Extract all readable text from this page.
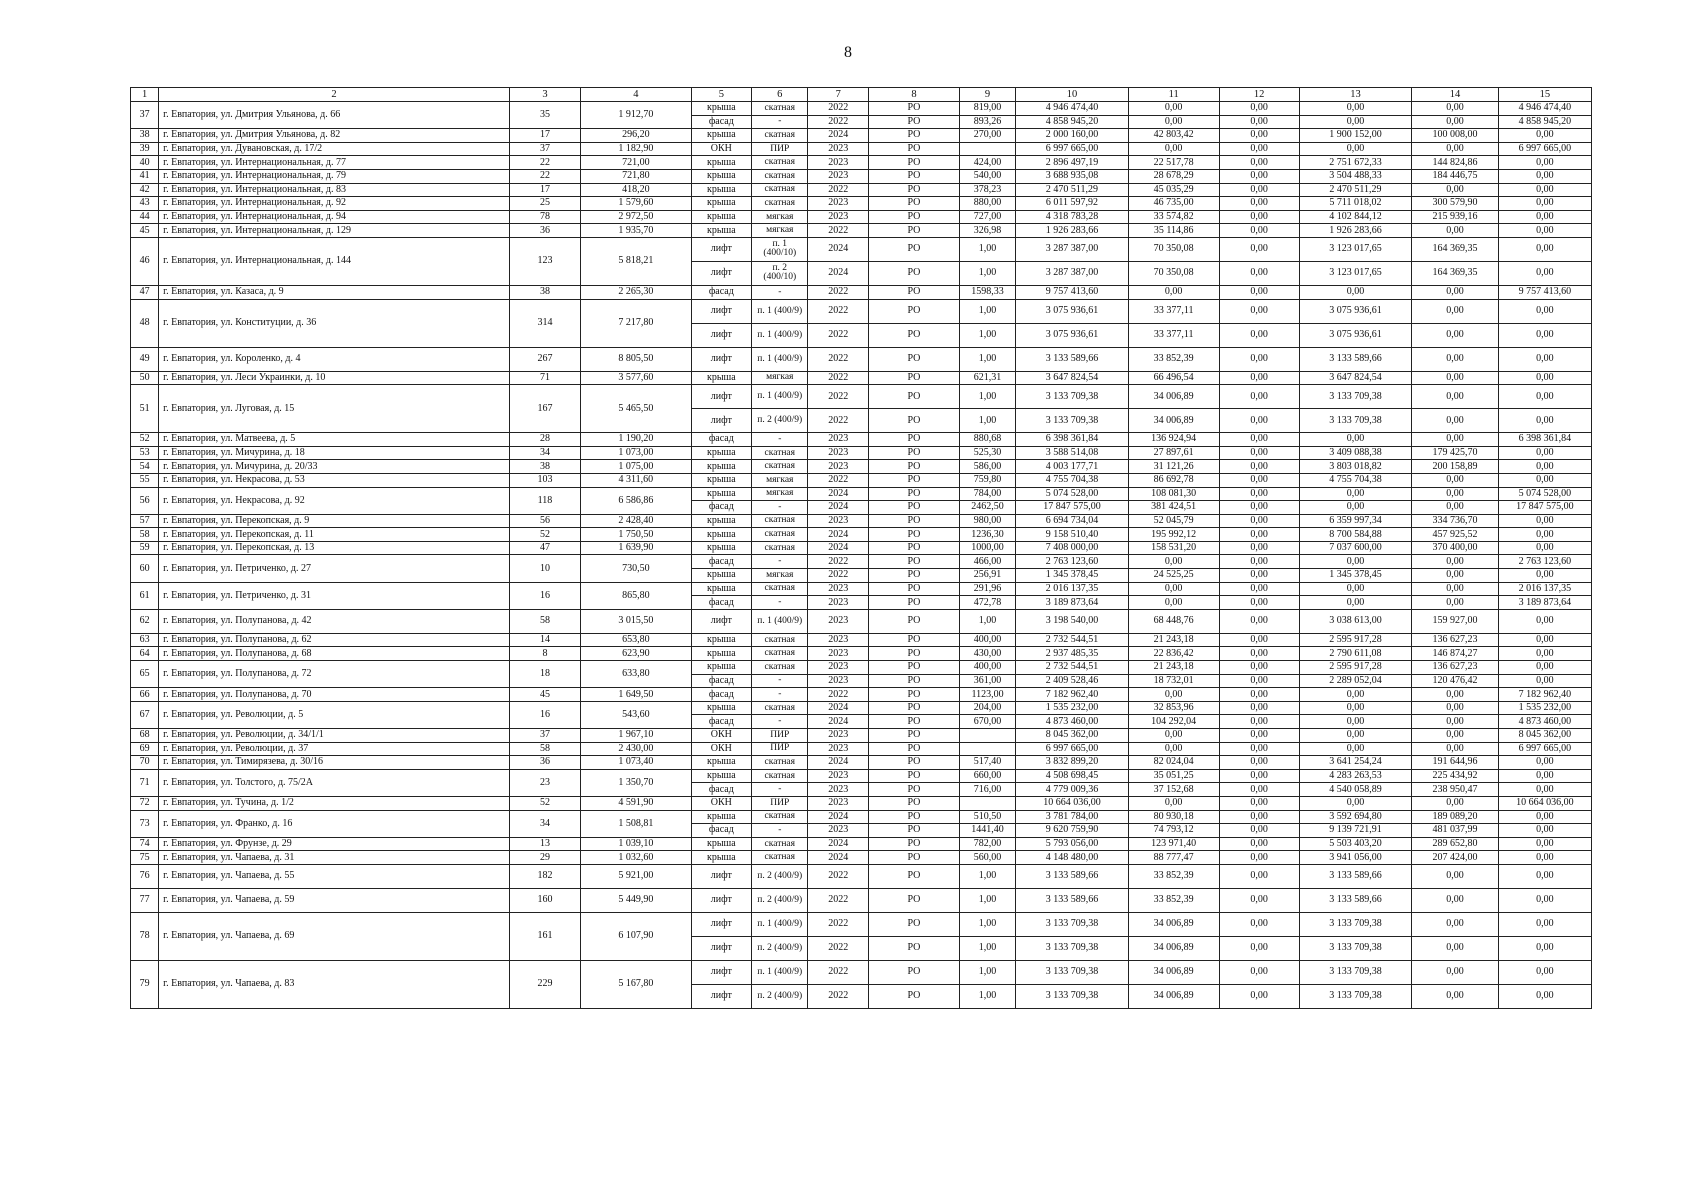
8
1	2	3	4	5	6	7	8	9	10	11	12	13	14	15
37	г. Евпатория, ул. Дмитрия Ульянова, д. 66	35	1 912,70	крыша	скатная	2022	РО	819,00	4 946 474,40	0,00	0,00	0,00	0,00	4 946 474,40
				фасад	-	2022	РО	893,26	4 858 945,20	0,00	0,00	0,00	0,00	4 858 945,20
38	г. Евпатория, ул. Дмитрия Ульянова, д. 82	17	296,20	крыша	скатная	2024	РО	270,00	2 000 160,00	42 803,42	0,00	1 900 152,00	100 008,00	0,00
39	г. Евпатория, ул. Дувановская, д. 17/2	37	1 182,90	ОКН	ПИР	2023	РО		6 997 665,00	0,00	0,00	0,00	0,00	6 997 665,00
40	г. Евпатория, ул. Интернациональная, д. 77	22	721,00	крыша	скатная	2023	РО	424,00	2 896 497,19	22 517,78	0,00	2 751 672,33	144 824,86	0,00
41	г. Евпатория, ул. Интернациональная, д. 79	22	721,80	крыша	скатная	2023	РО	540,00	3 688 935,08	28 678,29	0,00	3 504 488,33	184 446,75	0,00
42	г. Евпатория, ул. Интернациональная, д. 83	17	418,20	крыша	скатная	2022	РО	378,23	2 470 511,29	45 035,29	0,00	2 470 511,29	0,00	0,00
43	г. Евпатория, ул. Интернациональная, д. 92	25	1 579,60	крыша	скатная	2023	РО	880,00	6 011 597,92	46 735,00	0,00	5 711 018,02	300 579,90	0,00
44	г. Евпатория, ул. Интернациональная, д. 94	78	2 972,50	крыша	мягкая	2023	РО	727,00	4 318 783,28	33 574,82	0,00	4 102 844,12	215 939,16	0,00
45	г. Евпатория, ул. Интернациональная, д. 129	36	1 935,70	крыша	мягкая	2022	РО	326,98	1 926 283,66	35 114,86	0,00	1 926 283,66	0,00	0,00
46	г. Евпатория, ул. Интернациональная, д. 144	123	5 818,21	лифт	п. 1 (400/10)	2024	РО	1,00	3 287 387,00	70 350,08	0,00	3 123 017,65	164 369,35	0,00
				лифт	п. 2 (400/10)	2024	РО	1,00	3 287 387,00	70 350,08	0,00	3 123 017,65	164 369,35	0,00
47	г. Евпатория, ул. Казаса, д. 9	38	2 265,30	фасад	-	2022	РО	1598,33	9 757 413,60	0,00	0,00	0,00	0,00	9 757 413,60
48	г. Евпатория, ул. Конституции, д. 36	314	7 217,80	лифт	п. 1 (400/9)	2022	РО	1,00	3 075 936,61	33 377,11	0,00	3 075 936,61	0,00	0,00
				лифт	п. 1 (400/9)	2022	РО	1,00	3 075 936,61	33 377,11	0,00	3 075 936,61	0,00	0,00
49	г. Евпатория, ул. Короленко, д. 4	267	8 805,50	лифт	п. 1 (400/9)	2022	РО	1,00	3 133 589,66	33 852,39	0,00	3 133 589,66	0,00	0,00
50	г. Евпатория, ул. Леси Украинки, д. 10	71	3 577,60	крыша	мягкая	2022	РО	621,31	3 647 824,54	66 496,54	0,00	3 647 824,54	0,00	0,00
51	г. Евпатория, ул. Луговая, д. 15	167	5 465,50	лифт	п. 1 (400/9)	2022	РО	1,00	3 133 709,38	34 006,89	0,00	3 133 709,38	0,00	0,00
				лифт	п. 2 (400/9)	2022	РО	1,00	3 133 709,38	34 006,89	0,00	3 133 709,38	0,00	0,00
52	г. Евпатория, ул. Матвеева, д. 5	28	1 190,20	фасад	-	2023	РО	880,68	6 398 361,84	136 924,94	0,00	0,00	0,00	6 398 361,84
53	г. Евпатория, ул. Мичурина, д. 18	34	1 073,00	крыша	скатная	2023	РО	525,30	3 588 514,08	27 897,61	0,00	3 409 088,38	179 425,70	0,00
54	г. Евпатория, ул. Мичурина, д. 20/33	38	1 075,00	крыша	скатная	2023	РО	586,00	4 003 177,71	31 121,26	0,00	3 803 018,82	200 158,89	0,00
55	г. Евпатория, ул. Некрасова, д. 53	103	4 311,60	крыша	мягкая	2022	РО	759,80	4 755 704,38	86 692,78	0,00	4 755 704,38	0,00	0,00
56	г. Евпатория, ул. Некрасова, д. 92	118	6 586,86	крыша	мягкая	2024	РО	784,00	5 074 528,00	108 081,30	0,00	0,00	0,00	5 074 528,00
				фасад	-	2024	РО	2462,50	17 847 575,00	381 424,51	0,00	0,00	0,00	17 847 575,00
57	г. Евпатория, ул. Перекопская, д. 9	56	2 428,40	крыша	скатная	2023	РО	980,00	6 694 734,04	52 045,79	0,00	6 359 997,34	334 736,70	0,00
58	г. Евпатория, ул. Перекопская, д. 11	52	1 750,50	крыша	скатная	2024	РО	1236,30	9 158 510,40	195 992,12	0,00	8 700 584,88	457 925,52	0,00
59	г. Евпатория, ул. Перекопская, д. 13	47	1 639,90	крыша	скатная	2024	РО	1000,00	7 408 000,00	158 531,20	0,00	7 037 600,00	370 400,00	0,00
60	г. Евпатория, ул. Петриченко, д. 27	10	730,50	фасад	-	2022	РО	466,00	2 763 123,60	0,00	0,00	0,00	0,00	2 763 123,60
				крыша	мягкая	2022	РО	256,91	1 345 378,45	24 525,25	0,00	1 345 378,45	0,00	0,00
61	г. Евпатория, ул. Петриченко, д. 31	16	865,80	крыша	скатная	2023	РО	291,96	2 016 137,35	0,00	0,00	0,00	0,00	2 016 137,35
				фасад	-	2023	РО	472,78	3 189 873,64	0,00	0,00	0,00	0,00	3 189 873,64
62	г. Евпатория, ул. Полупанова, д. 42	58	3 015,50	лифт	п. 1 (400/9)	2023	РО	1,00	3 198 540,00	68 448,76	0,00	3 038 613,00	159 927,00	0,00
63	г. Евпатория, ул. Полупанова, д. 62	14	653,80	крыша	скатная	2023	РО	400,00	2 732 544,51	21 243,18	0,00	2 595 917,28	136 627,23	0,00
64	г. Евпатория, ул. Полупанова, д. 68	8	623,90	крыша	скатная	2023	РО	430,00	2 937 485,35	22 836,42	0,00	2 790 611,08	146 874,27	0,00
65	г. Евпатория, ул. Полупанова, д. 72	18	633,80	крыша	скатная	2023	РО	400,00	2 732 544,51	21 243,18	0,00	2 595 917,28	136 627,23	0,00
				фасад	-	2023	РО	361,00	2 409 528,46	18 732,01	0,00	2 289 052,04	120 476,42	0,00
66	г. Евпатория, ул. Полупанова, д. 70	45	1 649,50	фасад	-	2022	РО	1123,00	7 182 962,40	0,00	0,00	0,00	0,00	7 182 962,40
67	г. Евпатория, ул. Революции, д. 5	16	543,60	крыша	скатная	2024	РО	204,00	1 535 232,00	32 853,96	0,00	0,00	0,00	1 535 232,00
				фасад	-	2024	РО	670,00	4 873 460,00	104 292,04	0,00	0,00	0,00	4 873 460,00
68	г. Евпатория, ул. Революции, д. 34/1/1	37	1 967,10	ОКН	ПИР	2023	РО		8 045 362,00	0,00	0,00	0,00	0,00	8 045 362,00
69	г. Евпатория, ул. Революции, д. 37	58	2 430,00	ОКН	ПИР	2023	РО		6 997 665,00	0,00	0,00	0,00	0,00	6 997 665,00
70	г. Евпатория, ул. Тимирязева, д. 30/16	36	1 073,40	крыша	скатная	2024	РО	517,40	3 832 899,20	82 024,04	0,00	3 641 254,24	191 644,96	0,00
71	г. Евпатория, ул. Толстого, д. 75/2А	23	1 350,70	крыша	скатная	2023	РО	660,00	4 508 698,45	35 051,25	0,00	4 283 263,53	225 434,92	0,00
				фасад	-	2023	РО	716,00	4 779 009,36	37 152,68	0,00	4 540 058,89	238 950,47	0,00
72	г. Евпатория, ул. Тучина, д. 1/2	52	4 591,90	ОКН	ПИР	2023	РО		10 664 036,00	0,00	0,00	0,00	0,00	10 664 036,00
73	г. Евпатория, ул. Франко, д. 16	34	1 508,81	крыша	скатная	2024	РО	510,50	3 781 784,00	80 930,18	0,00	3 592 694,80	189 089,20	0,00
				фасад	-	2023	РО	1441,40	9 620 759,90	74 793,12	0,00	9 139 721,91	481 037,99	0,00
74	г. Евпатория, ул. Фрунзе, д. 29	13	1 039,10	крыша	скатная	2024	РО	782,00	5 793 056,00	123 971,40	0,00	5 503 403,20	289 652,80	0,00
75	г. Евпатория, ул. Чапаева, д. 31	29	1 032,60	крыша	скатная	2024	РО	560,00	4 148 480,00	88 777,47	0,00	3 941 056,00	207 424,00	0,00
76	г. Евпатория, ул. Чапаева, д. 55	182	5 921,00	лифт	п. 2 (400/9)	2022	РО	1,00	3 133 589,66	33 852,39	0,00	3 133 589,66	0,00	0,00
77	г. Евпатория, ул. Чапаева, д. 59	160	5 449,90	лифт	п. 2 (400/9)	2022	РО	1,00	3 133 589,66	33 852,39	0,00	3 133 589,66	0,00	0,00
78	г. Евпатория, ул. Чапаева, д. 69	161	6 107,90	лифт	п. 1 (400/9)	2022	РО	1,00	3 133 709,38	34 006,89	0,00	3 133 709,38	0,00	0,00
				лифт	п. 2 (400/9)	2022	РО	1,00	3 133 709,38	34 006,89	0,00	3 133 709,38	0,00	0,00
79	г. Евпатория, ул. Чапаева, д. 83	229	5 167,80	лифт	п. 1 (400/9)	2022	РО	1,00	3 133 709,38	34 006,89	0,00	3 133 709,38	0,00	0,00
				лифт	п. 2 (400/9)	2022	РО	1,00	3 133 709,38	34 006,89	0,00	3 133 709,38	0,00	0,00
